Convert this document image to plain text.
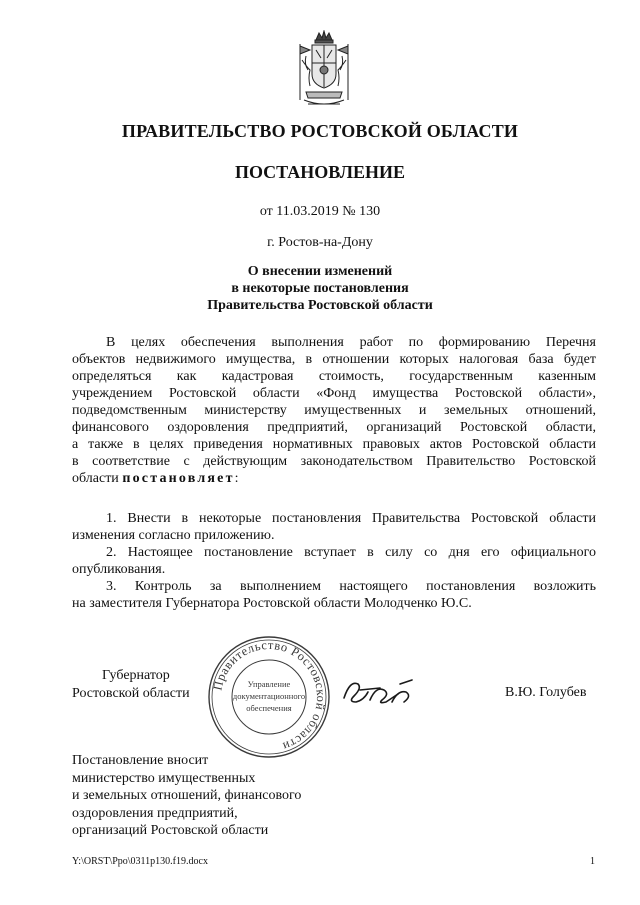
ПРАВИТЕЛЬСТВО РОСТОВСКОЙ ОБЛАСТИ
ПОСТАНОВЛЕНИЕ
от 11.03.2019 № 130
г. Ростов-на-Дону
О внесении изменений
в некоторые постановления
Правительства Ростовской области
В целях обеспечения выполнения работ по формированию Перечня
объектов недвижимого имущества, в отношении которых налоговая база будет
определяться как кадастровая стоимость, государственным казенным
учреждением Ростовской области «Фонд имущества Ростовской области»,
подведомственным министерству имущественных и земельных отношений,
финансового оздоровления предприятий, организаций Ростовской области,
а также в целях приведения нормативных правовых актов Ростовской области
в соответствие с действующим законодательством Правительство Ростовской
области постановляет:
1. Внести в некоторые постановления Правительства Ростовской области
изменения согласно приложению.
2. Настоящее постановление вступает в силу со дня его официального
опубликования.
3. Контроль за выполнением настоящего постановления возложить
на заместителя Губернатора Ростовской области Молодченко Ю.С.
Губернатор
Ростовской области
Правительство Ростовской области
Управление
документационного
обеспечения
В.Ю. Голубев
Постановление вносит
министерство имущественных
и земельных отношений, финансового
оздоровления предприятий,
организаций Ростовской области
Y:\ORST\Ppo\0311p130.f19.docx	1
